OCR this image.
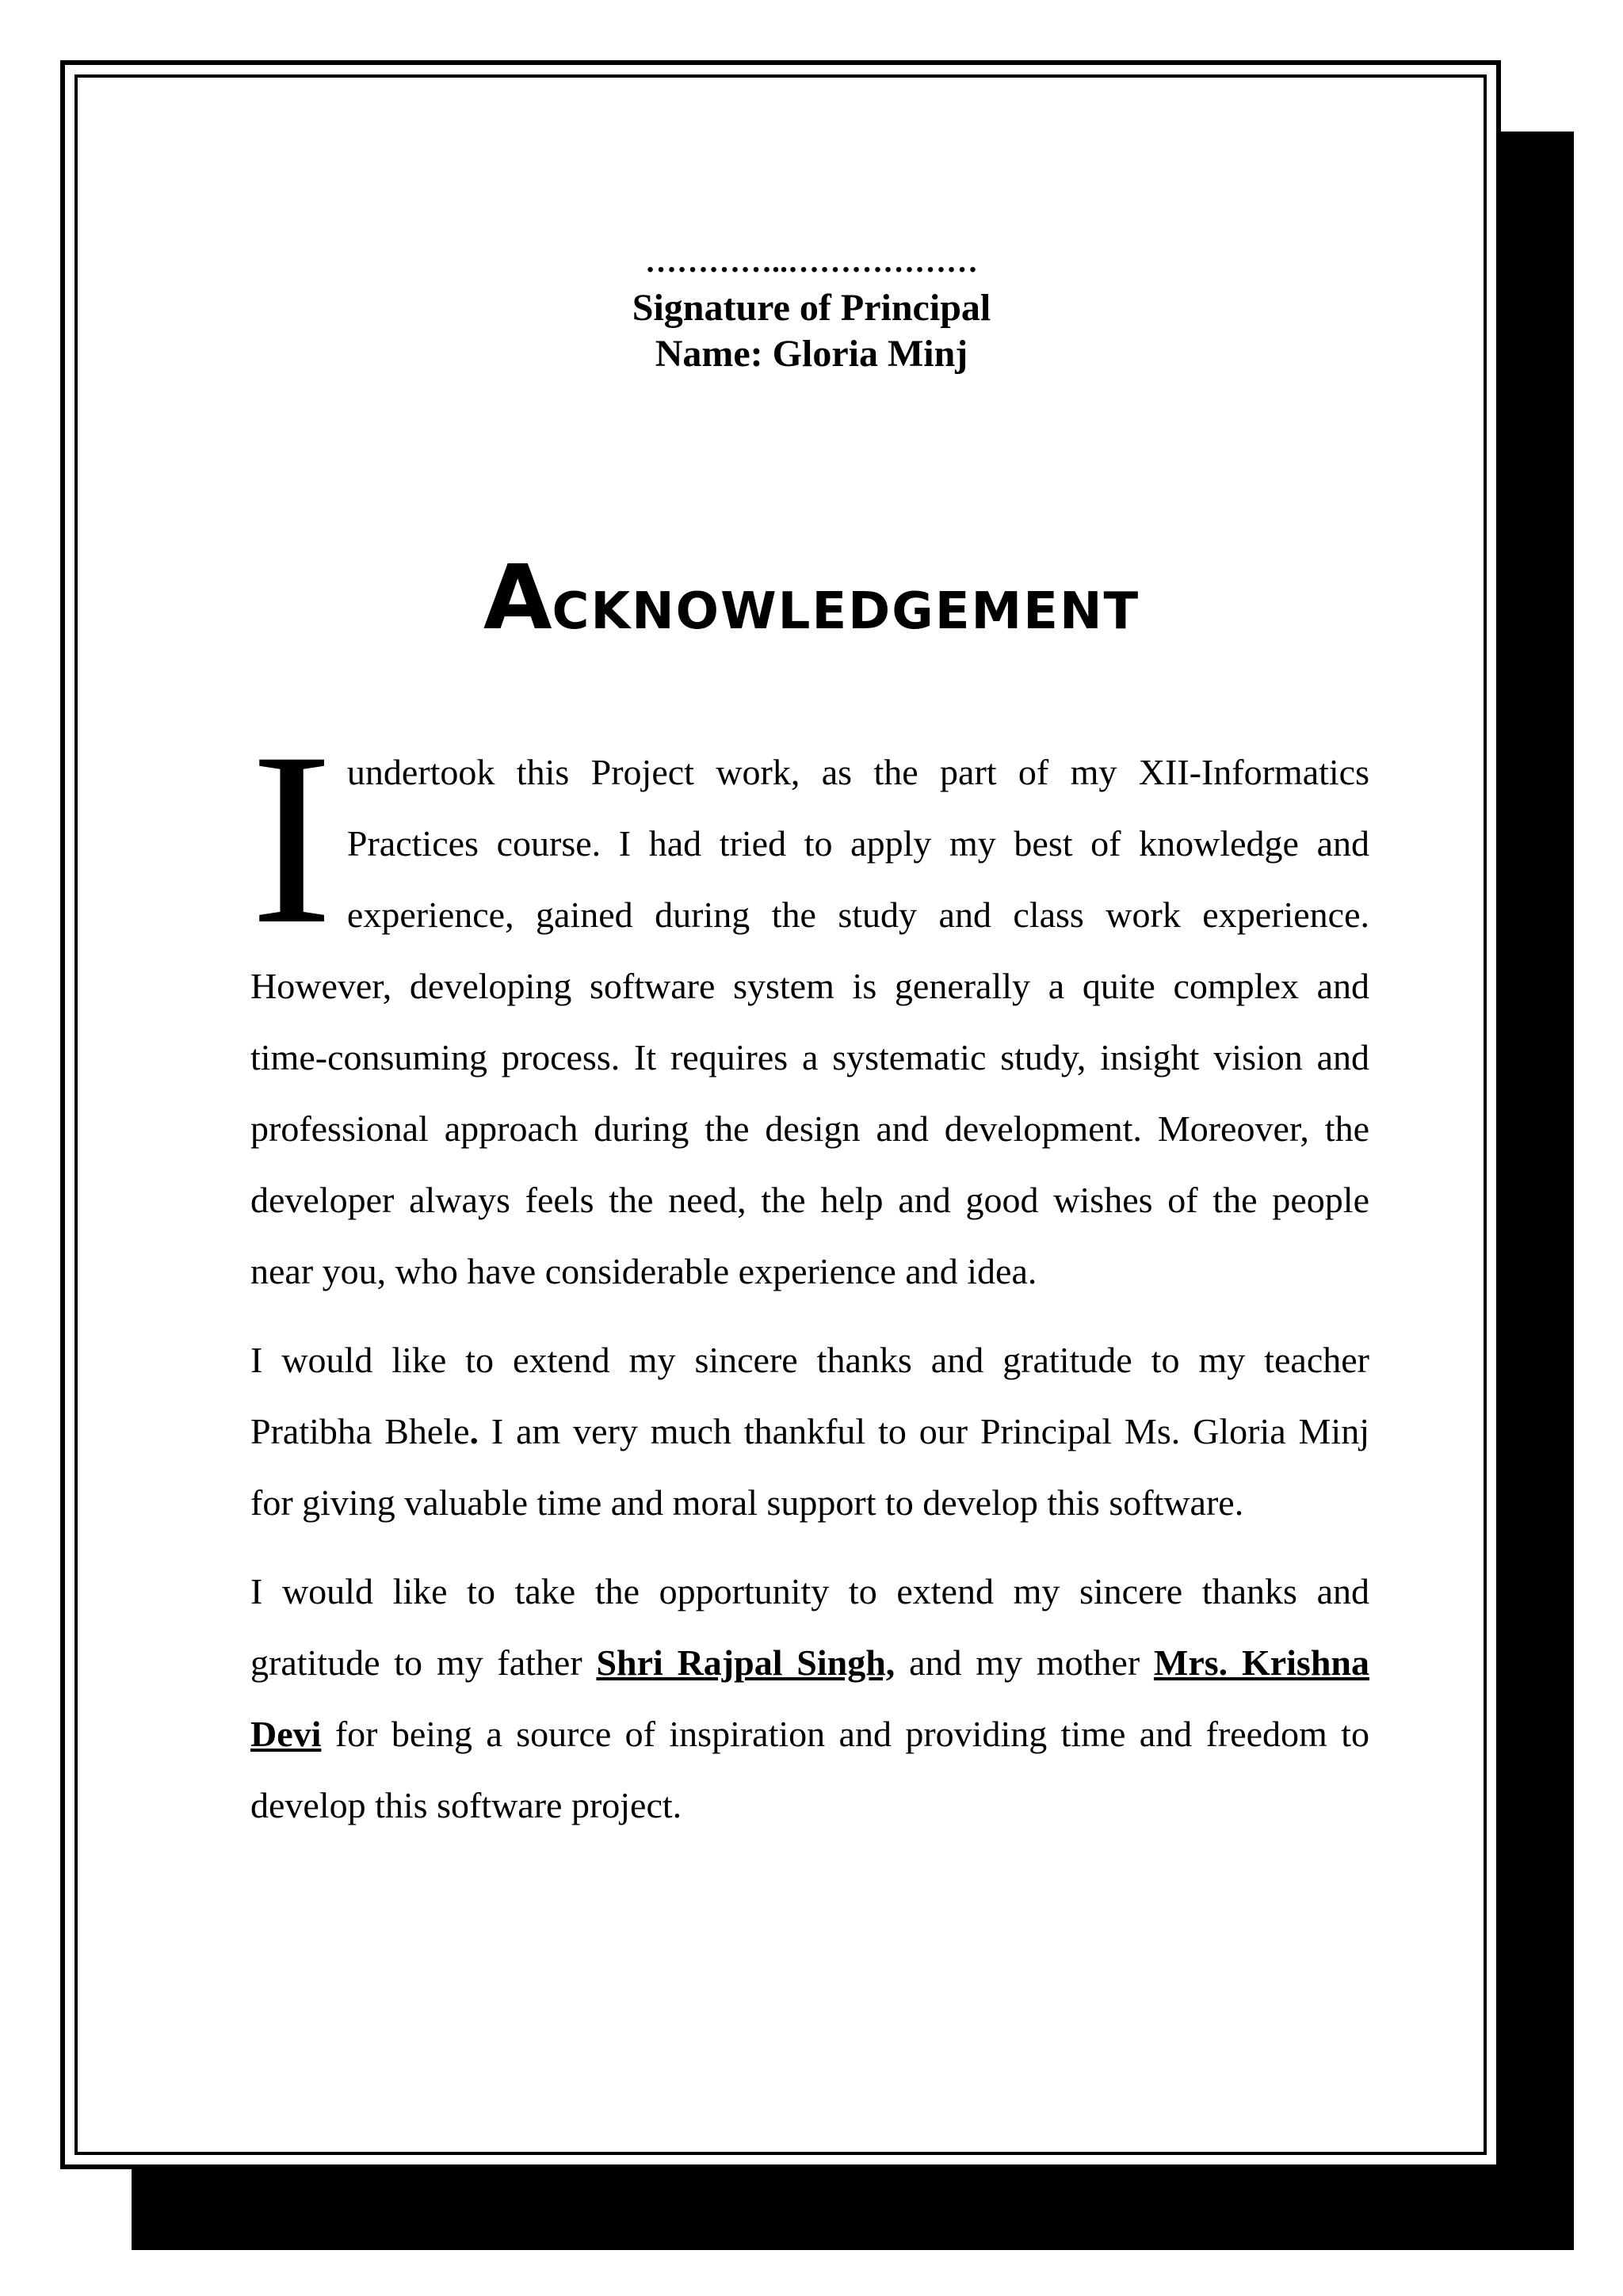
…………..………………
Signature of Principal
Name: Gloria Minj
ACKNOWLEDGEMENT

Iundertook this Project work, as the part of my XII-Informatics Practices course. I had tried to apply my best of knowledge and experience, gained during the study and class work experience. However, developing software system is generally a quite complex and time-consuming process. It requires a systematic study, insight vision and professional approach during the design and development. Moreover, the developer always feels the need, the help and good wishes of the people near you, who have considerable experience and idea.

I would like to extend my sincere thanks and gratitude to my teacher Pratibha Bhele. I am very much thankful to our Principal Ms. Gloria Minj for giving valuable time and moral support to develop this software.

I would like to take the opportunity to extend my sincere thanks and gratitude to my father Shri Rajpal Singh, and my mother Mrs. Krishna Devi for being a source of inspiration and providing time and freedom to develop this software project.
